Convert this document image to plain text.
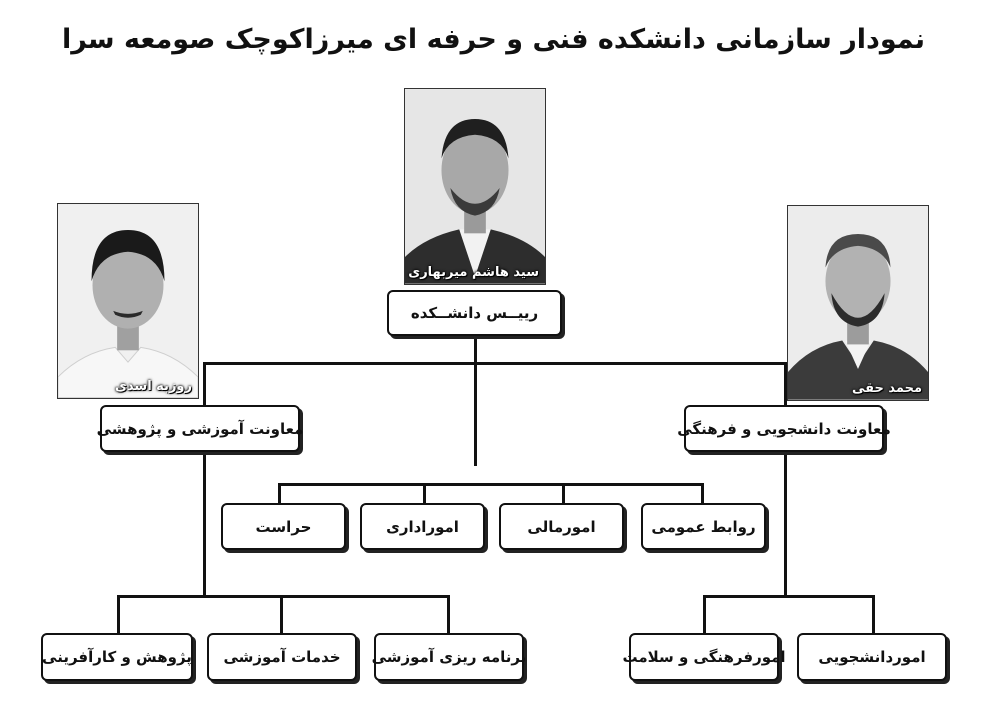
نمودار سازمانی دانشکده فنی و حرفه ای میرزاکوچک صومعه سرا
سید هاشم میربهاری
روزبه اسدی	محمد حقی
رییــس دانشــکده
معاونت آموزشی و پژوهشی	معاونت دانشجویی و فرهنگی
حراست	اموراداری	امورمالی	روابط عمومی
پژوهش و کارآفرینی	خدمات آموزشی	برنامه ریزی آموزشی	امورفرهنگی و سلامت	اموردانشجویی
